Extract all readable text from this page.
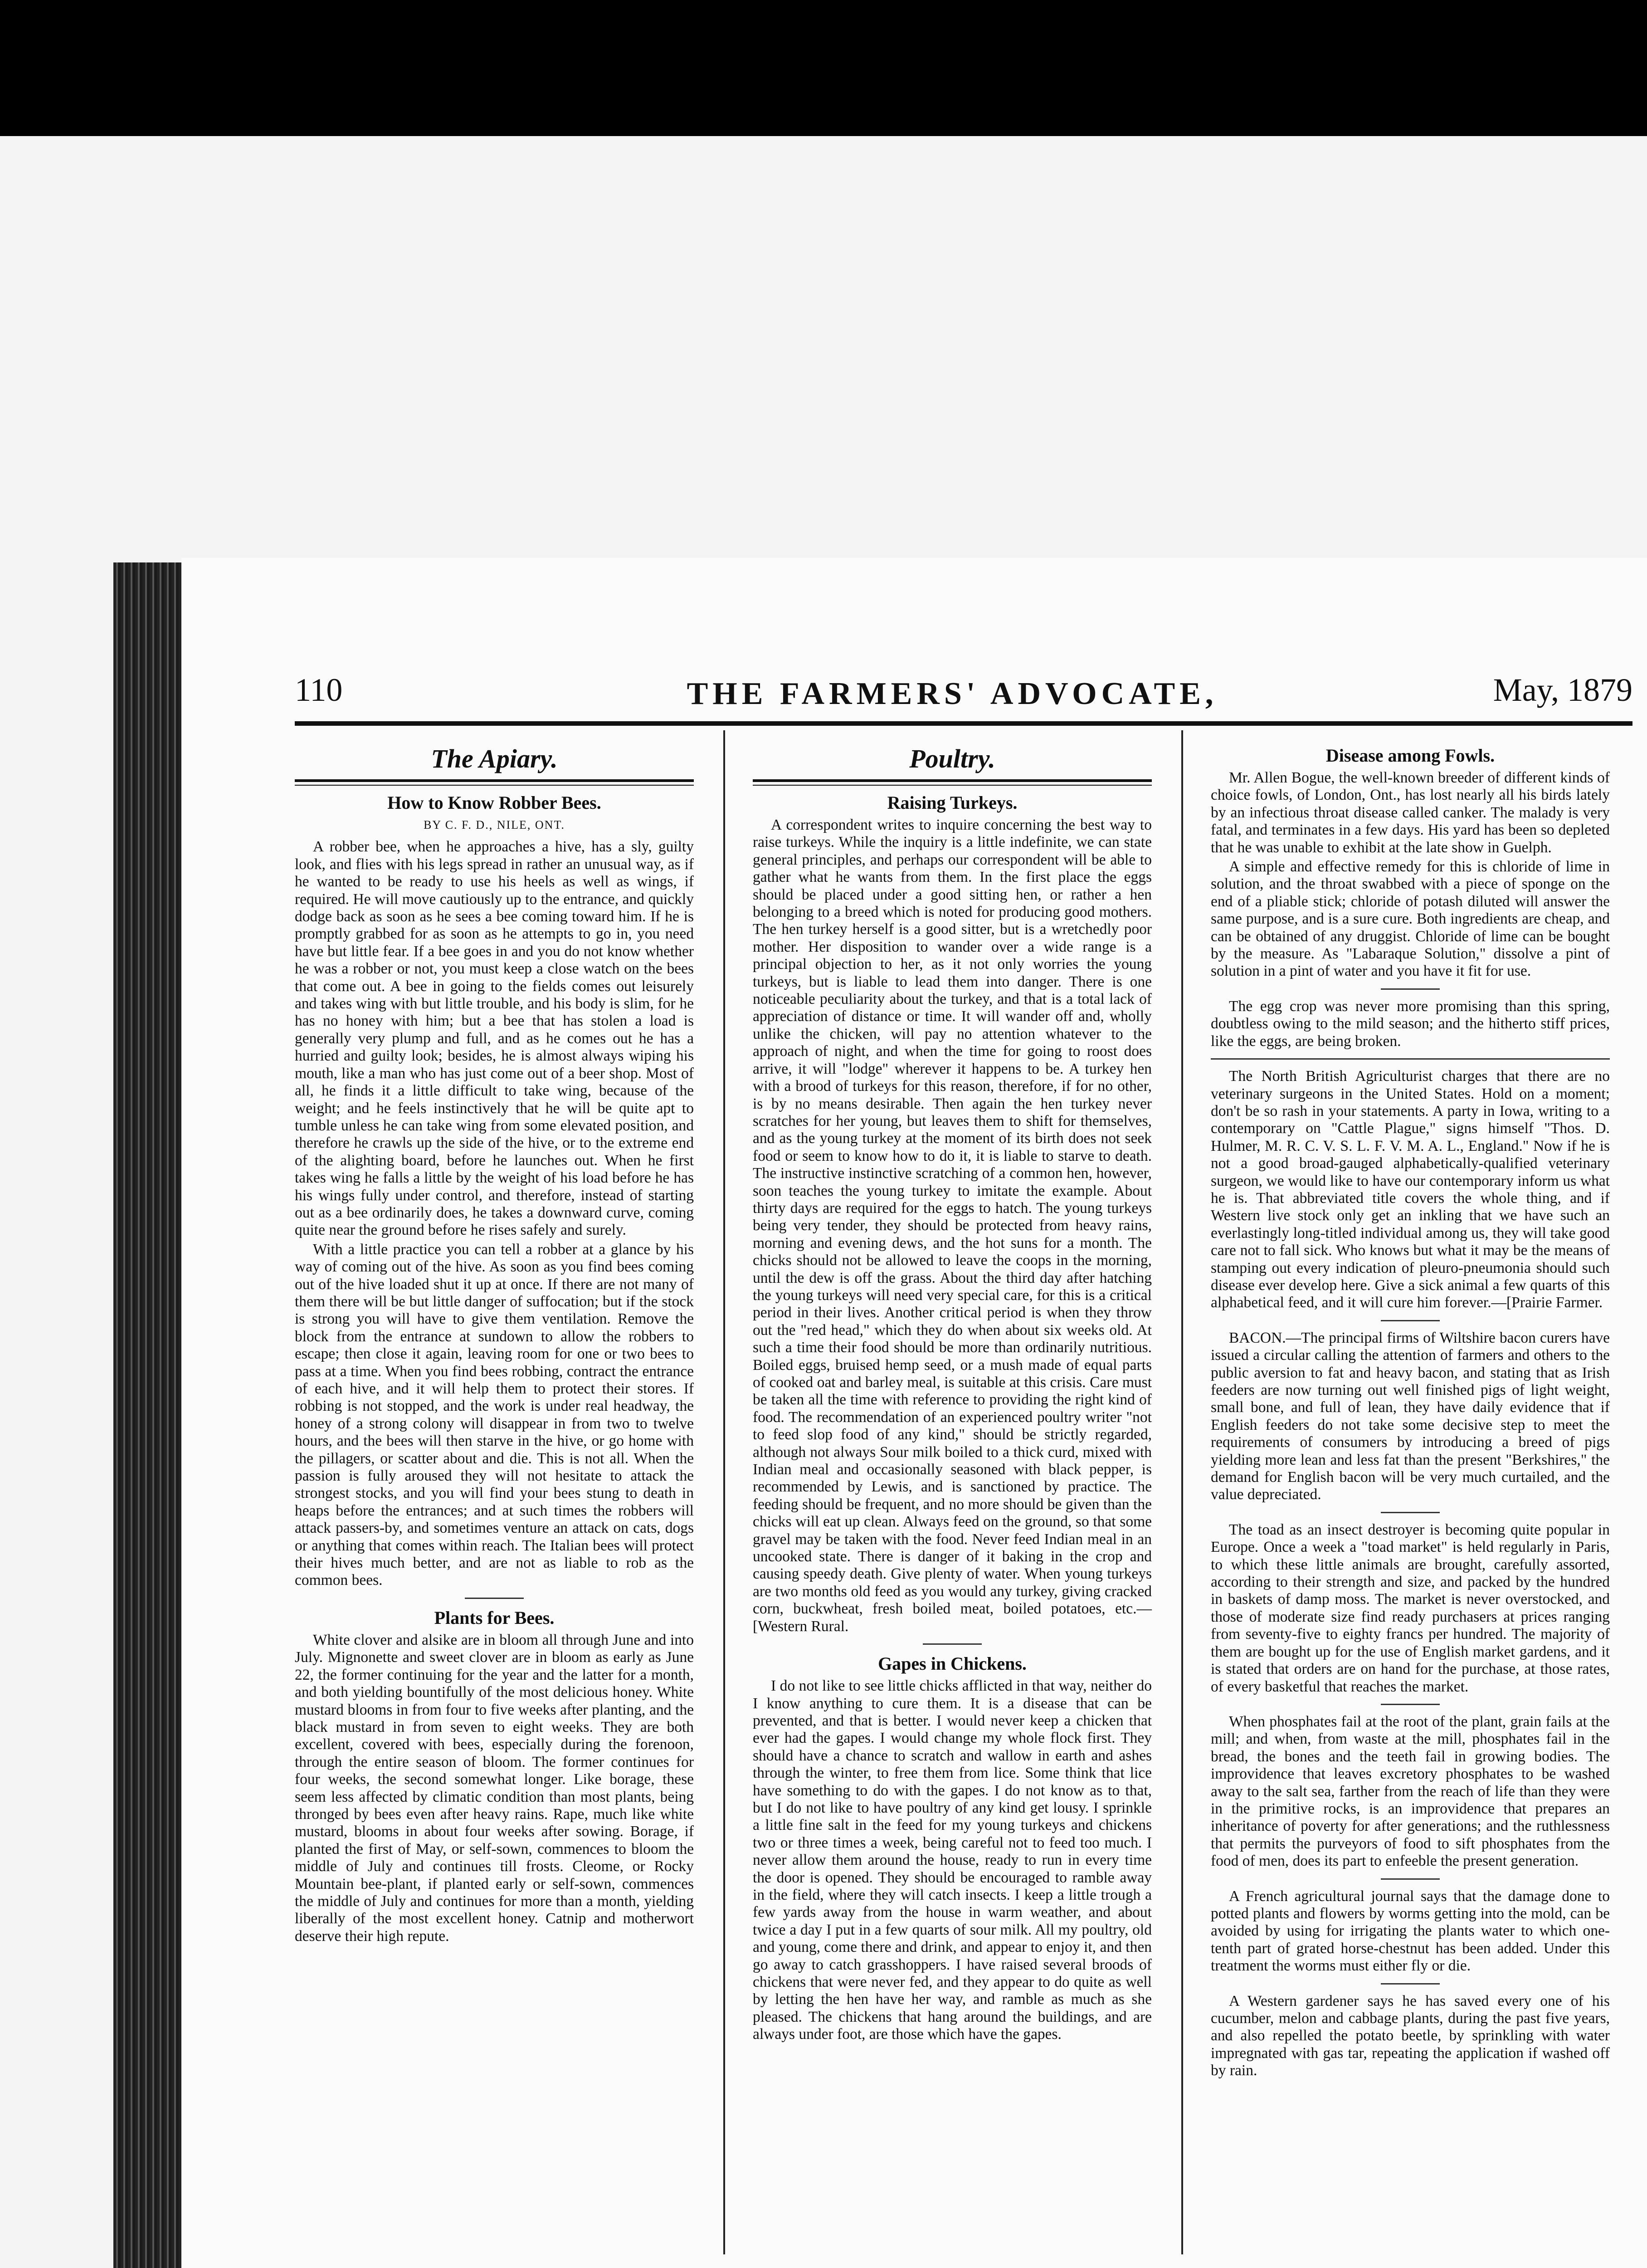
110	THE FARMERS' ADVOCATE,	May, 1879
The Apiary.
How to Know Robber Bees.
BY C. F. D., NILE, ONT.

A robber bee, when he approaches a hive, has a sly, guilty look, and flies with his legs spread in rather an unusual way, as if he wanted to be ready to use his heels as well as wings, if required. He will move cautiously up to the entrance, and quickly dodge back as soon as he sees a bee coming toward him. If he is promptly grabbed for as soon as he attempts to go in, you need have but little fear. If a bee goes in and you do not know whether he was a robber or not, you must keep a close watch on the bees that come out. A bee in going to the fields comes out leisurely and takes wing with but little trouble, and his body is slim, for he has no honey with him; but a bee that has stolen a load is generally very plump and full, and as he comes out he has a hurried and guilty look; besides, he is almost always wiping his mouth, like a man who has just come out of a beer shop. Most of all, he finds it a little difficult to take wing, because of the weight; and he feels instinctively that he will be quite apt to tumble unless he can take wing from some elevated position, and therefore he crawls up the side of the hive, or to the extreme end of the alighting board, before he launches out. When he first takes wing he falls a little by the weight of his load before he has his wings fully under control, and therefore, instead of starting out as a bee ordinarily does, he takes a downward curve, coming quite near the ground before he rises safely and surely.

With a little practice you can tell a robber at a glance by his way of coming out of the hive. As soon as you find bees coming out of the hive loaded shut it up at once. If there are not many of them there will be but little danger of suffocation; but if the stock is strong you will have to give them ventilation. Remove the block from the entrance at sundown to allow the robbers to escape; then close it again, leaving room for one or two bees to pass at a time. When you find bees robbing, contract the entrance of each hive, and it will help them to protect their stores. If robbing is not stopped, and the work is under real headway, the honey of a strong colony will disappear in from two to twelve hours, and the bees will then starve in the hive, or go home with the pillagers, or scatter about and die. This is not all. When the passion is fully aroused they will not hesitate to attack the strongest stocks, and you will find your bees stung to death in heaps before the entrances; and at such times the robbers will attack passers-by, and sometimes venture an attack on cats, dogs or anything that comes within reach. The Italian bees will protect their hives much better, and are not as liable to rob as the common bees.

Plants for Bees.

White clover and alsike are in bloom all through June and into July. Mignonette and sweet clover are in bloom as early as June 22, the former continuing for the year and the latter for a month, and both yielding bountifully of the most delicious honey. White mustard blooms in from four to five weeks after planting, and the black mustard in from seven to eight weeks. They are both excellent, covered with bees, especially during the forenoon, through the entire season of bloom. The former continues for four weeks, the second somewhat longer. Like borage, these seem less affected by climatic condition than most plants, being thronged by bees even after heavy rains. Rape, much like white mustard, blooms in about four weeks after sowing. Borage, if planted the first of May, or self-sown, commences to bloom the middle of July and continues till frosts. Cleome, or Rocky Mountain bee-plant, if planted early or self-sown, commences the middle of July and continues for more than a month, yielding liberally of the most excellent honey. Catnip and motherwort deserve their high repute.

Poultry.
Raising Turkeys.

A correspondent writes to inquire concerning the best way to raise turkeys. While the inquiry is a little indefinite, we can state general principles, and perhaps our correspondent will be able to gather what he wants from them. In the first place the eggs should be placed under a good sitting hen, or rather a hen belonging to a breed which is noted for producing good mothers. The hen turkey herself is a good sitter, but is a wretchedly poor mother. Her disposition to wander over a wide range is a principal objection to her, as it not only worries the young turkeys, but is liable to lead them into danger. There is one noticeable peculiarity about the turkey, and that is a total lack of appreciation of distance or time. It will wander off and, wholly unlike the chicken, will pay no attention whatever to the approach of night, and when the time for going to roost does arrive, it will "lodge" wherever it happens to be. A turkey hen with a brood of turkeys for this reason, therefore, if for no other, is by no means desirable. Then again the hen turkey never scratches for her young, but leaves them to shift for themselves, and as the young turkey at the moment of its birth does not seek food or seem to know how to do it, it is liable to starve to death. The instructive instinctive scratching of a common hen, however, soon teaches the young turkey to imitate the example. About thirty days are required for the eggs to hatch. The young turkeys being very tender, they should be protected from heavy rains, morning and evening dews, and the hot suns for a month. The chicks should not be allowed to leave the coops in the morning, until the dew is off the grass. About the third day after hatching the young turkeys will need very special care, for this is a critical period in their lives. Another critical period is when they throw out the "red head," which they do when about six weeks old. At such a time their food should be more than ordinarily nutritious. Boiled eggs, bruised hemp seed, or a mush made of equal parts of cooked oat and barley meal, is suitable at this crisis. Care must be taken all the time with reference to providing the right kind of food. The recommendation of an experienced poultry writer "not to feed slop food of any kind," should be strictly regarded, although not always Sour milk boiled to a thick curd, mixed with Indian meal and occasionally seasoned with black pepper, is recommended by Lewis, and is sanctioned by practice. The feeding should be frequent, and no more should be given than the chicks will eat up clean. Always feed on the ground, so that some gravel may be taken with the food. Never feed Indian meal in an uncooked state. There is danger of it baking in the crop and causing speedy death. Give plenty of water. When young turkeys are two months old feed as you would any turkey, giving cracked corn, buckwheat, fresh boiled meat, boiled potatoes, etc.—[Western Rural.

Gapes in Chickens.

I do not like to see little chicks afflicted in that way, neither do I know anything to cure them. It is a disease that can be prevented, and that is better. I would never keep a chicken that ever had the gapes. I would change my whole flock first. They should have a chance to scratch and wallow in earth and ashes through the winter, to free them from lice. Some think that lice have something to do with the gapes. I do not know as to that, but I do not like to have poultry of any kind get lousy. I sprinkle a little fine salt in the feed for my young turkeys and chickens two or three times a week, being careful not to feed too much. I never allow them around the house, ready to run in every time the door is opened. They should be encouraged to ramble away in the field, where they will catch insects. I keep a little trough a few yards away from the house in warm weather, and about twice a day I put in a few quarts of sour milk. All my poultry, old and young, come there and drink, and appear to enjoy it, and then go away to catch grasshoppers. I have raised several broods of chickens that were never fed, and they appear to do quite as well by letting the hen have her way, and ramble as much as she pleased. The chickens that hang around the buildings, and are always under foot, are those which have the gapes.

Disease among Fowls.

Mr. Allen Bogue, the well-known breeder of different kinds of choice fowls, of London, Ont., has lost nearly all his birds lately by an infectious throat disease called canker. The malady is very fatal, and terminates in a few days. His yard has been so depleted that he was unable to exhibit at the late show in Guelph.

A simple and effective remedy for this is chloride of lime in solution, and the throat swabbed with a piece of sponge on the end of a pliable stick; chloride of potash diluted will answer the same purpose, and is a sure cure. Both ingredients are cheap, and can be obtained of any druggist. Chloride of lime can be bought by the measure. As "Labaraque Solution," dissolve a pint of solution in a pint of water and you have it fit for use.

The egg crop was never more promising than this spring, doubtless owing to the mild season; and the hitherto stiff prices, like the eggs, are being broken.

The North British Agriculturist charges that there are no veterinary surgeons in the United States. Hold on a moment; don't be so rash in your statements. A party in Iowa, writing to a contemporary on "Cattle Plague," signs himself "Thos. D. Hulmer, M. R. C. V. S. L. F. V. M. A. L., England." Now if he is not a good broad-gauged alphabetically-qualified veterinary surgeon, we would like to have our contemporary inform us what he is. That abbreviated title covers the whole thing, and if Western live stock only get an inkling that we have such an everlastingly long-titled individual among us, they will take good care not to fall sick. Who knows but what it may be the means of stamping out every indication of pleuro-pneumonia should such disease ever develop here. Give a sick animal a few quarts of this alphabetical feed, and it will cure him forever.—[Prairie Farmer.

BACON.—The principal firms of Wiltshire bacon curers have issued a circular calling the attention of farmers and others to the public aversion to fat and heavy bacon, and stating that as Irish feeders are now turning out well finished pigs of light weight, small bone, and full of lean, they have daily evidence that if English feeders do not take some decisive step to meet the requirements of consumers by introducing a breed of pigs yielding more lean and less fat than the present "Berkshires," the demand for English bacon will be very much curtailed, and the value depreciated.

The toad as an insect destroyer is becoming quite popular in Europe. Once a week a "toad market" is held regularly in Paris, to which these little animals are brought, carefully assorted, according to their strength and size, and packed by the hundred in baskets of damp moss. The market is never overstocked, and those of moderate size find ready purchasers at prices ranging from seventy-five to eighty francs per hundred. The majority of them are bought up for the use of English market gardens, and it is stated that orders are on hand for the purchase, at those rates, of every basketful that reaches the market.

When phosphates fail at the root of the plant, grain fails at the mill; and when, from waste at the mill, phosphates fail in the bread, the bones and the teeth fail in growing bodies. The improvidence that leaves excretory phosphates to be washed away to the salt sea, farther from the reach of life than they were in the primitive rocks, is an improvidence that prepares an inheritance of poverty for after generations; and the ruthlessness that permits the purveyors of food to sift phosphates from the food of men, does its part to enfeeble the present generation.

A French agricultural journal says that the damage done to potted plants and flowers by worms getting into the mold, can be avoided by using for irrigating the plants water to which one-tenth part of grated horse-chestnut has been added. Under this treatment the worms must either fly or die.

A Western gardener says he has saved every one of his cucumber, melon and cabbage plants, during the past five years, and also repelled the potato beetle, by sprinkling with water impregnated with gas tar, repeating the application if washed off by rain.
